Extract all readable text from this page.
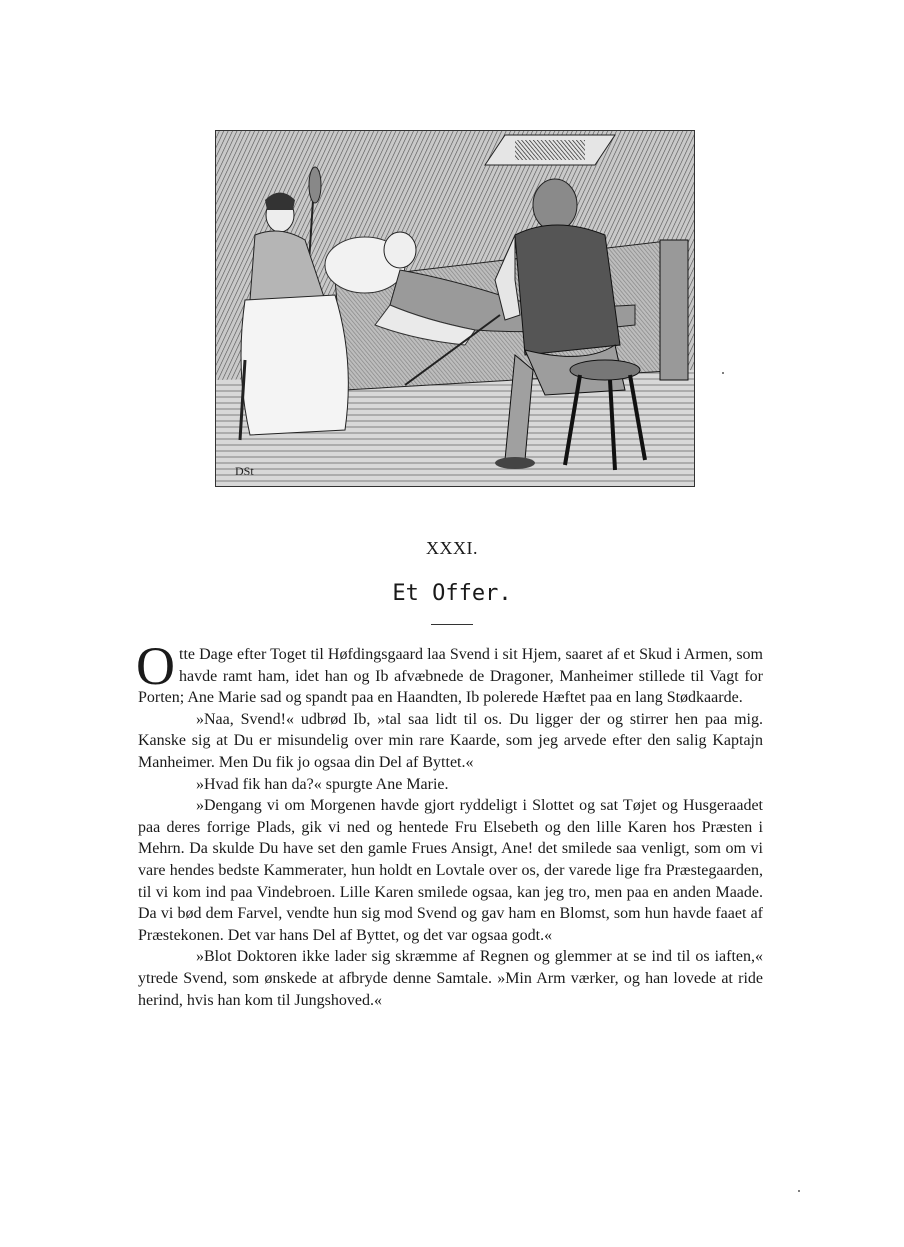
DSt
XXXI.
Et Offer.

Otte Dage efter Toget til Høfdingsgaard laa Svend i sit Hjem, saaret af et Skud i Armen, som havde ramt ham, idet han og Ib afvæbnede de Dragoner, Manheimer stillede til Vagt for Porten; Ane Marie sad og spandt paa en Haandten, Ib polerede Hæftet paa en lang Stødkaarde.

»Naa, Svend!« udbrød Ib, »tal saa lidt til os. Du ligger der og stirrer hen paa mig. Kanske sig at Du er misundelig over min rare Kaarde, som jeg arvede efter den salig Kaptajn Manheimer. Men Du fik jo ogsaa din Del af Byttet.«

»Hvad fik han da?« spurgte Ane Marie.

»Dengang vi om Morgenen havde gjort ryddeligt i Slottet og sat Tøjet og Husgeraadet paa deres forrige Plads, gik vi ned og hentede Fru Elsebeth og den lille Karen hos Præsten i Mehrn. Da skulde Du have set den gamle Frues Ansigt, Ane! det smilede saa venligt, som om vi vare hendes bedste Kammerater, hun holdt en Lovtale over os, der varede lige fra Præstegaarden, til vi kom ind paa Vindebroen. Lille Karen smilede ogsaa, kan jeg tro, men paa en anden Maade. Da vi bød dem Farvel, vendte hun sig mod Svend og gav ham en Blomst, som hun havde faaet af Præstekonen. Det var hans Del af Byttet, og det var ogsaa godt.«

»Blot Doktoren ikke lader sig skræmme af Regnen og glemmer at se ind til os iaften,« ytrede Svend, som ønskede at afbryde denne Samtale. »Min Arm værker, og han lovede at ride herind, hvis han kom til Jungshoved.«
